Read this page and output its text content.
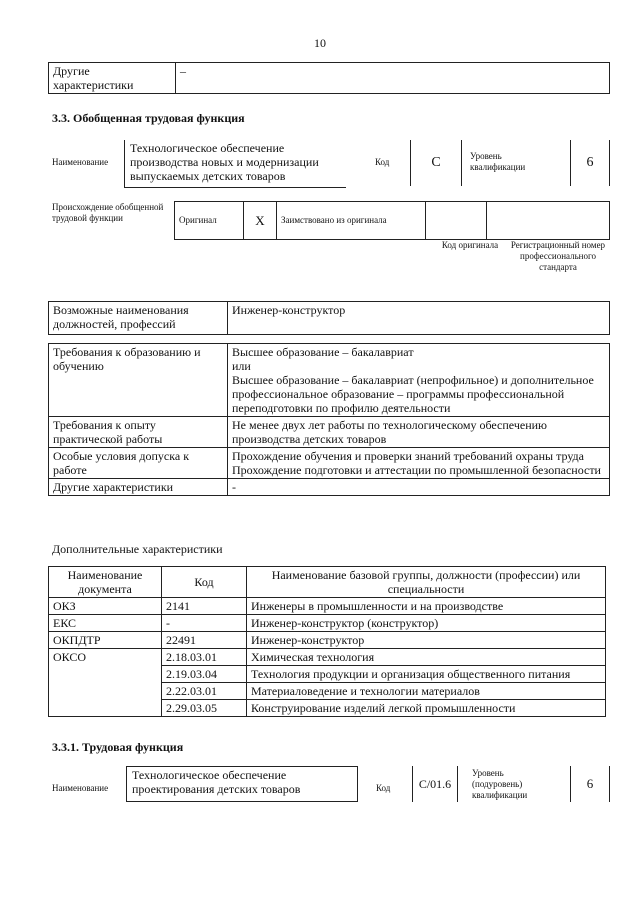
10
Другие характеристики	–
3.3. Обобщенная трудовая функция
Наименование
Технологическое обеспечение производства новых и модернизации выпускаемых детских товаров
Код	C	Уровень квалификации	6
Происхождение обобщенной трудовой функции	Оригинал	X	Заимствовано из оригинала		
Код оригинала Регистрационный номер профессионального стандарта
Возможные наименования должностей, профессий	Инженер-конструктор
Требования к образованию и обучению	Высшее образование – бакалавриат
или
Высшее образование – бакалавриат (непрофильное) и дополнительное профессиональное образование – программы профессиональной переподготовки по профилю деятельности

Требования к опыту практической работы	Не менее двух лет работы по технологическому обеспечению производства детских товаров

Особые условия допуска к работе	Прохождение обучения и проверки знаний требований охраны труда
Прохождение подготовки и аттестации по промышленной безопасности

Другие характеристики	-
Дополнительные характеристики
Наименование документа	Код	Наименование базовой группы, должности (профессии) или специальности
ОКЗ	2141	Инженеры в промышленности и на производстве
ЕКС	-	Инженер-конструктор (конструктор)
ОКПДТР	22491	Инженер-конструктор
ОКСО	2.18.03.01	Химическая технология
	2.19.03.04	Технология продукции и организация общественного питания
	2.22.03.01	Материаловедение и технологии материалов
	2.29.03.05	Конструирование изделий легкой промышленности
3.3.1. Трудовая функция
Наименование
Технологическое обеспечение проектирования детских товаров	Код	C/01.6
Уровень (подуровень) квалификации
6
